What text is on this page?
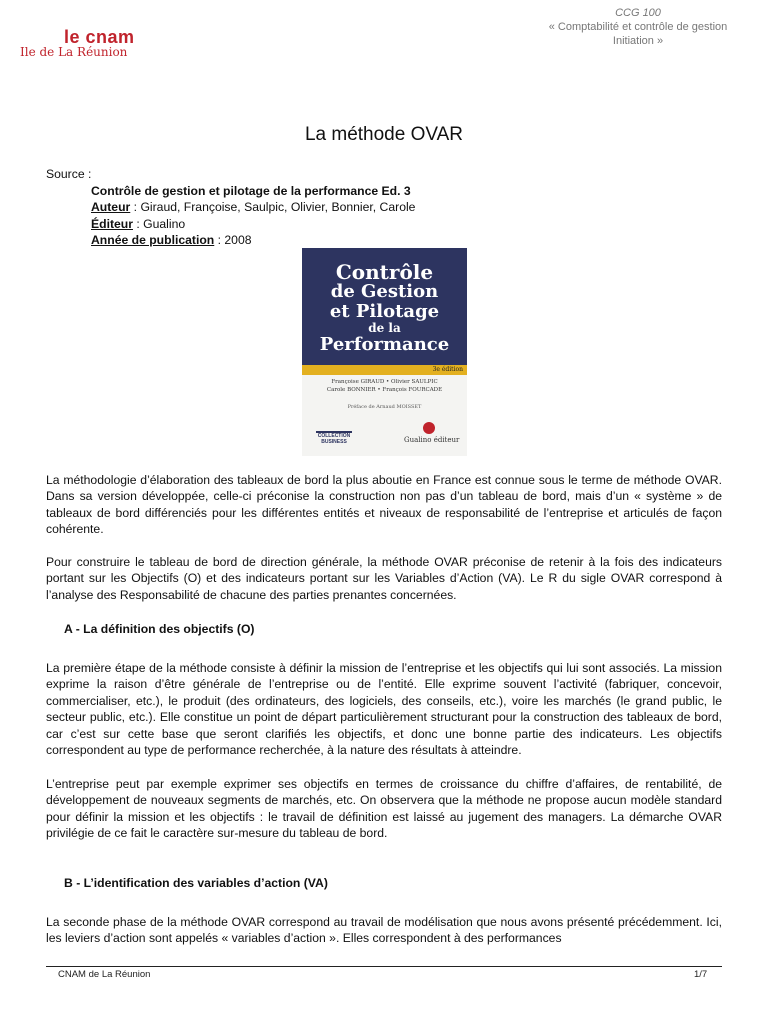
le cnam
Ile de La Réunion
CCG 100
« Comptabilité et contrôle de gestion
Initiation »
La méthode OVAR
Source :
Contrôle de gestion et pilotage de la performance Ed. 3
Auteur : Giraud, Françoise, Saulpic, Olivier, Bonnier, Carole
Éditeur : Gualino
Année de publication : 2008
Contrôle
de Gestion
et Pilotage
de la
Performance
3e édition
Françoise GIRAUD • Olivier SAULPIC
Carole BONNIER • François FOURCADE
Préface de Arnaud MOISSET
COLLECTION BUSINESS	Gualino éditeur
La méthodologie d’élaboration des tableaux de bord la plus aboutie en France est connue sous le terme de méthode OVAR. Dans sa version développée, celle-ci préconise la construction non pas d’un tableau de bord, mais d’un « système » de tableaux de bord différenciés pour les différentes entités et niveaux de responsabilité de l’entreprise et articulés de façon cohérente.
Pour construire le tableau de bord de direction générale, la méthode OVAR préconise de retenir à la fois des indicateurs portant sur les Objectifs (O) et des indicateurs portant sur les Variables d’Action (VA). Le R du sigle OVAR correspond à l’analyse des Responsabilité de chacune des parties prenantes concernées.
A - La définition des objectifs (O)
La première étape de la méthode consiste à définir la mission de l’entreprise et les objectifs qui lui sont associés. La mission exprime la raison d’être générale de l’entreprise ou de l’entité. Elle exprime souvent l’activité (fabriquer, concevoir, commercialiser, etc.), le produit (des ordinateurs, des logiciels, des conseils, etc.), voire les marchés (le grand public, le secteur public, etc.). Elle constitue un point de départ particulièrement structurant pour la construction des tableaux de bord, car c’est sur cette base que seront clarifiés les objectifs, et donc une bonne partie des indicateurs. Les objectifs correspondent au type de performance recherchée, à la nature des résultats à atteindre.
L’entreprise peut par exemple exprimer ses objectifs en termes de croissance du chiffre d’affaires, de rentabilité, de développement de nouveaux segments de marchés, etc. On observera que la méthode ne propose aucun modèle standard pour définir la mission et les objectifs : le travail de définition est laissé au jugement des managers. La démarche OVAR privilégie de ce fait le caractère sur-mesure du tableau de bord.
B - L’identification des variables d’action (VA)
La seconde phase de la méthode OVAR correspond au travail de modélisation que nous avons présenté précédemment. Ici, les leviers d’action sont appelés « variables d’action ». Elles correspondent à des performances
CNAM de La Réunion	1/7
